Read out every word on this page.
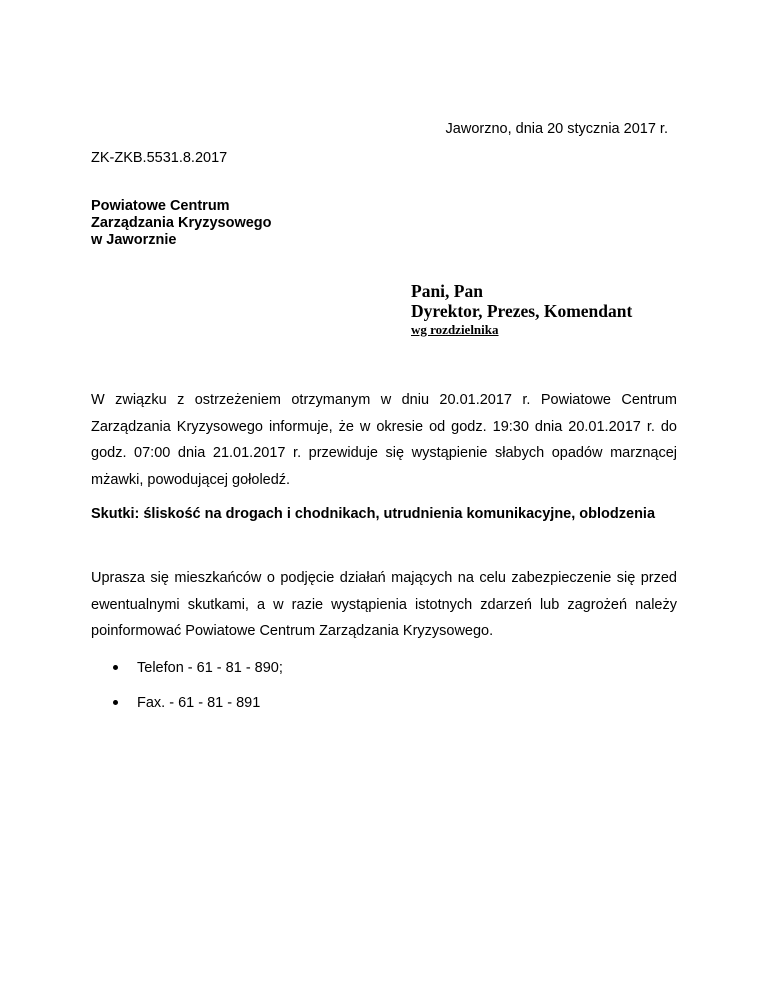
Jaworzno, dnia 20 stycznia 2017 r.
ZK-ZKB.5531.8.2017
Powiatowe Centrum
Zarządzania Kryzysowego
w Jaworznie
Pani, Pan
Dyrektor, Prezes, Komendant
wg rozdzielnika

W związku z ostrzeżeniem otrzymanym w dniu 20.01.2017 r. Powiatowe Centrum Zarządzania Kryzysowego informuje, że w okresie od godz. 19:30 dnia 20.01.2017 r. do godz. 07:00 dnia 21.01.2017 r. przewiduje się wystąpienie słabych opadów marznącej mżawki, powodującej gołoledź.

Skutki: śliskość na drogach i chodnikach, utrudnienia komunikacyjne, oblodzenia

Uprasza się mieszkańców o podjęcie działań mających na celu zabezpieczenie się przed ewentualnymi skutkami, a w razie wystąpienia istotnych zdarzeń lub zagrożeń należy poinformować Powiatowe Centrum Zarządzania Kryzysowego.

Telefon - 61 - 81 - 890;
Fax. - 61 - 81 - 891
